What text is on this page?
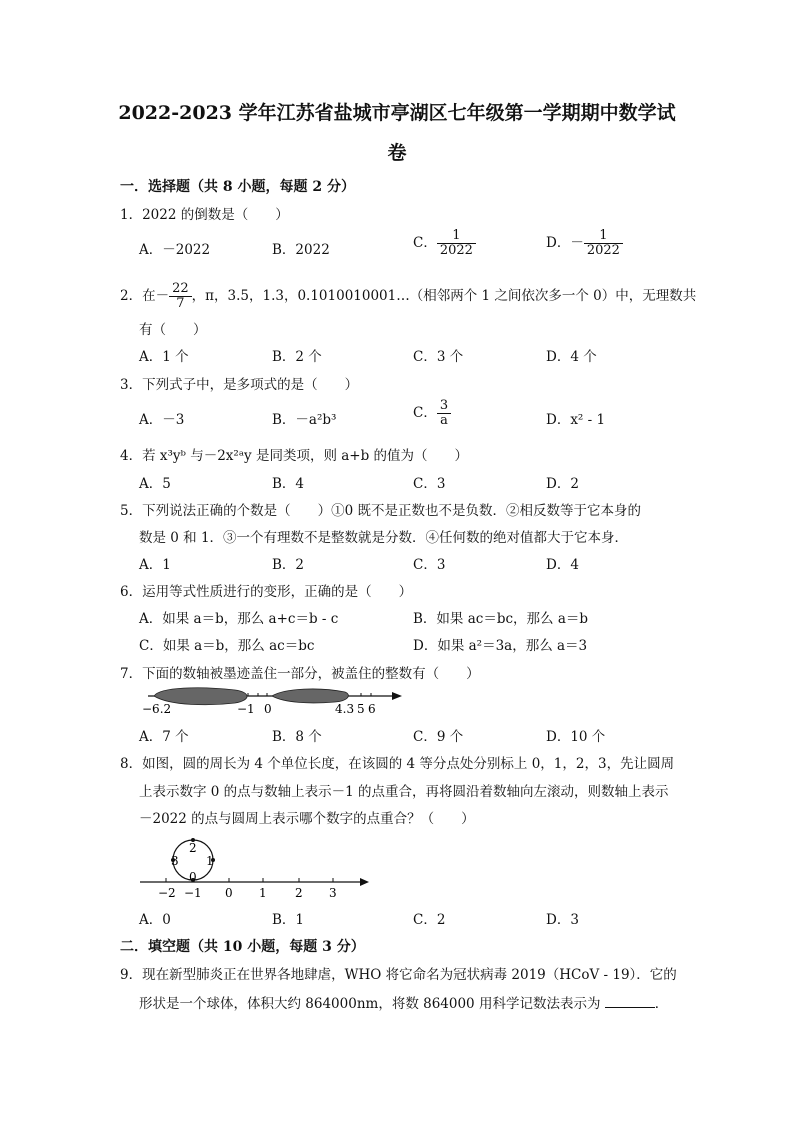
2022-2023 学年江苏省盐城市亭湖区七年级第一学期期中数学试
卷
一．选择题（共 8 小题，每题 2 分）
1．2022 的倒数是（　　）
A．－2022	B．2022	C． $\frac{1}{2022}$	D．－ $\frac{1}{2022}$
2．在－ $\frac{22}{7}$ ，π，3.5，1.3，0.1010010001…（相邻两个 1 之间依次多一个 0）中，无理数共
有（　　）
A．1 个	B．2 个	C．3 个	D．4 个
3．下列式子中，是多项式的是（　　）
A．－3	B．－a²b³	C． $\frac{3}{a}$	D．x² - 1
4．若 x³yᵇ 与－2x²ᵃy 是同类项，则 a+b 的值为（　　）
A．5	B．4	C．3	D．2
5．下列说法正确的个数是（　　）①0 既不是正数也不是负数．②相反数等于它本身的
数是 0 和 1．③一个有理数不是整数就是分数．④任何数的绝对值都大于它本身．
A．1	B．2	C．3	D．4
6．运用等式性质进行的变形，正确的是（　　）
A．如果 a＝b，那么 a+c＝b - c	B．如果 ac＝bc，那么 a＝b
C．如果 a＝b，那么 ac＝bc	D．如果 a²＝3a，那么 a＝3
7．下面的数轴被墨迹盖住一部分，被盖住的整数有（　　）
−6.2	−1 0	4.3 5 6
A．7 个	B．8 个	C．9 个	D．10 个
8．如图，圆的周长为 4 个单位长度，在该圆的 4 等分点处分别标上 0，1，2，3，先让圆周
上表示数字 0 的点与数轴上表示－1 的点重合，再将圆沿着数轴向左滚动，则数轴上表示
－2022 的点与圆周上表示哪个数字的点重合？（　　）
2
3 1
0
−2 −1 0 1 2 3
A．0	B．1	C．2	D．3
二．填空题（共 10 小题，每题 3 分）
9．现在新型肺炎正在世界各地肆虐，WHO 将它命名为冠状病毒 2019（HCoV - 19）．它的
形状是一个球体，体积大约 864000nm，将数 864000 用科学记数法表示为	．
